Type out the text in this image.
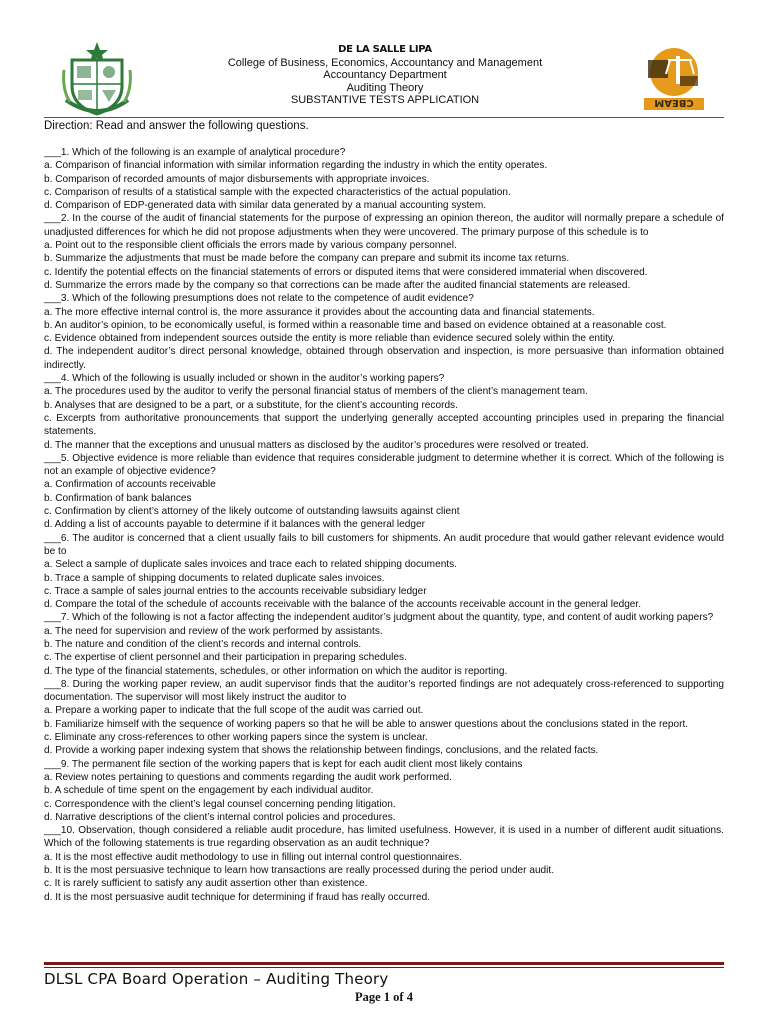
DE LA SALLE LIPA
College of Business, Economics, Accountancy and Management
Accountancy Department
Auditing Theory
SUBSTANTIVE TESTS APPLICATION	CBEAM
Direction: Read and answer the following questions.

___1. Which of the following is an example of analytical procedure?

a. Comparison of financial information with similar information regarding the industry in which the entity operates.

b. Comparison of recorded amounts of major disbursements with appropriate invoices.

c. Comparison of results of a statistical sample with the expected characteristics of the actual population.

d. Comparison of EDP-generated data with similar data generated by a manual accounting system.

___2. In the course of the audit of financial statements for the purpose of expressing an opinion thereon, the auditor will normally prepare a schedule of unadjusted differences for which he did not propose adjustments when they were uncovered. The primary purpose of this schedule is to

a. Point out to the responsible client officials the errors made by various company personnel.

b. Summarize the adjustments that must be made before the company can prepare and submit its income tax returns.

c. Identify the potential effects on the financial statements of errors or disputed items that were considered immaterial when discovered.

d. Summarize the errors made by the company so that corrections can be made after the audited financial statements are released.

___3. Which of the following presumptions does not relate to the competence of audit evidence?

a. The more effective internal control is, the more assurance it provides about the accounting data and financial statements.

b. An auditor’s opinion, to be economically useful, is formed within a reasonable time and based on evidence obtained at a reasonable cost.

c. Evidence obtained from independent sources outside the entity is more reliable than evidence secured solely within the entity.

d. The independent auditor’s direct personal knowledge, obtained through observation and inspection, is more persuasive than information obtained indirectly.

___4. Which of the following is usually included or shown in the auditor’s working papers?

a. The procedures used by the auditor to verify the personal financial status of members of the client’s management team.

b. Analyses that are designed to be a part, or a substitute, for the client’s accounting records.

c. Excerpts from authoritative pronouncements that support the underlying generally accepted accounting principles used in preparing the financial statements.

d. The manner that the exceptions and unusual matters as disclosed by the auditor’s procedures were resolved or treated.

___5. Objective evidence is more reliable than evidence that requires considerable judgment to determine whether it is correct. Which of the following is not an example of objective evidence?

a. Confirmation of accounts receivable

b. Confirmation of bank balances

c. Confirmation by client’s attorney of the likely outcome of outstanding lawsuits against client

d. Adding a list of accounts payable to determine if it balances with the general ledger

___6. The auditor is concerned that a client usually fails to bill customers for shipments. An audit procedure that would gather relevant evidence would be to

a. Select a sample of duplicate sales invoices and trace each to related shipping documents.

b. Trace a sample of shipping documents to related duplicate sales invoices.

c. Trace a sample of sales journal entries to the accounts receivable subsidiary ledger

d. Compare the total of the schedule of accounts receivable with the balance of the accounts receivable account in the general ledger.

___7. Which of the following is not a factor affecting the independent auditor’s judgment about the quantity, type, and content of audit working papers?

a. The need for supervision and review of the work performed by assistants.

b. The nature and condition of the client’s records and internal controls.

c. The expertise of client personnel and their participation in preparing schedules.

d. The type of the financial statements, schedules, or other information on which the auditor is reporting.

___8. During the working paper review, an audit supervisor finds that the auditor’s reported findings are not adequately cross-referenced to supporting documentation. The supervisor will most likely instruct the auditor to

a. Prepare a working paper to indicate that the full scope of the audit was carried out.

b. Familiarize himself with the sequence of working papers so that he will be able to answer questions about the conclusions stated in the report.

c. Eliminate any cross-references to other working papers since the system is unclear.

d. Provide a working paper indexing system that shows the relationship between findings, conclusions, and the related facts.

___9. The permanent file section of the working papers that is kept for each audit client most likely contains

a. Review notes pertaining to questions and comments regarding the audit work performed.

b. A schedule of time spent on the engagement by each individual auditor.

c. Correspondence with the client’s legal counsel concerning pending litigation.

d. Narrative descriptions of the client’s internal control policies and procedures.

___10. Observation, though considered a reliable audit procedure, has limited usefulness. However, it is used in a number of different audit situations. Which of the following statements is true regarding observation as an audit technique?

a. It is the most effective audit methodology to use in filling out internal control questionnaires.

b. It is the most persuasive technique to learn how transactions are really processed during the period under audit.

c. It is rarely sufficient to satisfy any audit assertion other than existence.

d. It is the most persuasive audit technique for determining if fraud has really occurred.

DLSL CPA Board Operation – Auditing Theory
Page 1 of 4
